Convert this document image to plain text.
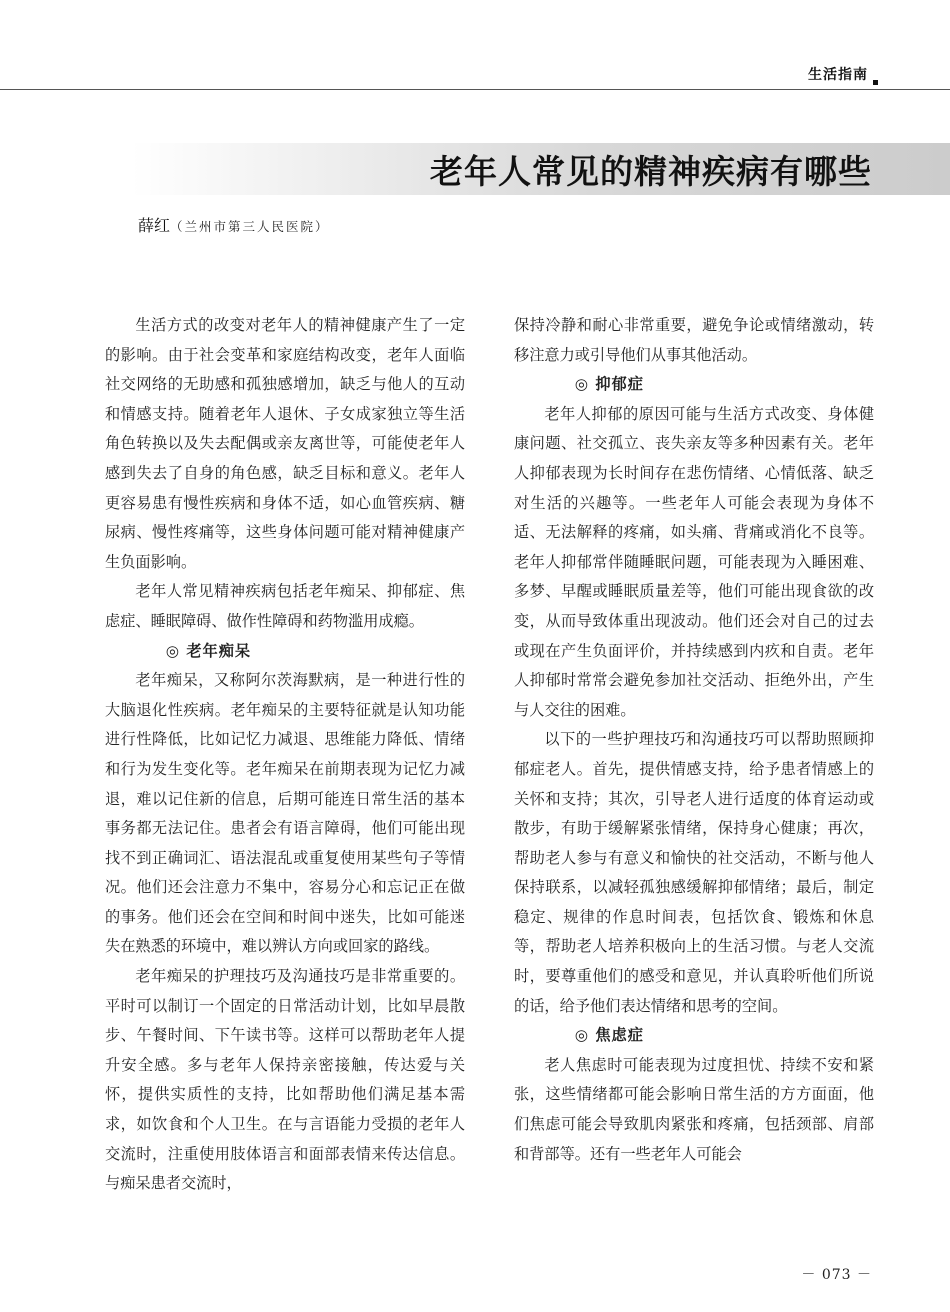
生活指南
老年人常见的精神疾病有哪些
薛红（兰州市第三人民医院）

生活方式的改变对老年人的精神健康产生了一定的影响。由于社会变革和家庭结构改变，老年人面临社交网络的无助感和孤独感增加，缺乏与他人的互动和情感支持。随着老年人退休、子女成家独立等生活角色转换以及失去配偶或亲友离世等，可能使老年人感到失去了自身的角色感，缺乏目标和意义。老年人更容易患有慢性疾病和身体不适，如心血管疾病、糖尿病、慢性疼痛等，这些身体问题可能对精神健康产生负面影响。

老年人常见精神疾病包括老年痴呆、抑郁症、焦虑症、睡眠障碍、做作性障碍和药物滥用成瘾。

◎ 老年痴呆

老年痴呆，又称阿尔茨海默病，是一种进行性的大脑退化性疾病。老年痴呆的主要特征就是认知功能进行性降低，比如记忆力减退、思维能力降低、情绪和行为发生变化等。老年痴呆在前期表现为记忆力减退，难以记住新的信息，后期可能连日常生活的基本事务都无法记住。患者会有语言障碍，他们可能出现找不到正确词汇、语法混乱或重复使用某些句子等情况。他们还会注意力不集中，容易分心和忘记正在做的事务。他们还会在空间和时间中迷失，比如可能迷失在熟悉的环境中，难以辨认方向或回家的路线。

老年痴呆的护理技巧及沟通技巧是非常重要的。平时可以制订一个固定的日常活动计划，比如早晨散步、午餐时间、下午读书等。这样可以帮助老年人提升安全感。多与老年人保持亲密接触，传达爱与关怀，提供实质性的支持，比如帮助他们满足基本需求，如饮食和个人卫生。在与言语能力受损的老年人交流时，注重使用肢体语言和面部表情来传达信息。与痴呆患者交流时，

保持冷静和耐心非常重要，避免争论或情绪激动，转移注意力或引导他们从事其他活动。

◎ 抑郁症

老年人抑郁的原因可能与生活方式改变、身体健康问题、社交孤立、丧失亲友等多种因素有关。老年人抑郁表现为长时间存在悲伤情绪、心情低落、缺乏对生活的兴趣等。一些老年人可能会表现为身体不适、无法解释的疼痛，如头痛、背痛或消化不良等。老年人抑郁常伴随睡眠问题，可能表现为入睡困难、多梦、早醒或睡眠质量差等，他们可能出现食欲的改变，从而导致体重出现波动。他们还会对自己的过去或现在产生负面评价，并持续感到内疚和自责。老年人抑郁时常常会避免参加社交活动、拒绝外出，产生与人交往的困难。

以下的一些护理技巧和沟通技巧可以帮助照顾抑郁症老人。首先，提供情感支持，给予患者情感上的关怀和支持；其次，引导老人进行适度的体育运动或散步，有助于缓解紧张情绪，保持身心健康；再次，帮助老人参与有意义和愉快的社交活动，不断与他人保持联系，以减轻孤独感缓解抑郁情绪；最后，制定稳定、规律的作息时间表，包括饮食、锻炼和休息等，帮助老人培养积极向上的生活习惯。与老人交流时，要尊重他们的感受和意见，并认真聆听他们所说的话，给予他们表达情绪和思考的空间。

◎ 焦虑症

老人焦虑时可能表现为过度担忧、持续不安和紧张，这些情绪都可能会影响日常生活的方方面面，他们焦虑可能会导致肌肉紧张和疼痛，包括颈部、肩部和背部等。还有一些老年人可能会

－ 073 －
